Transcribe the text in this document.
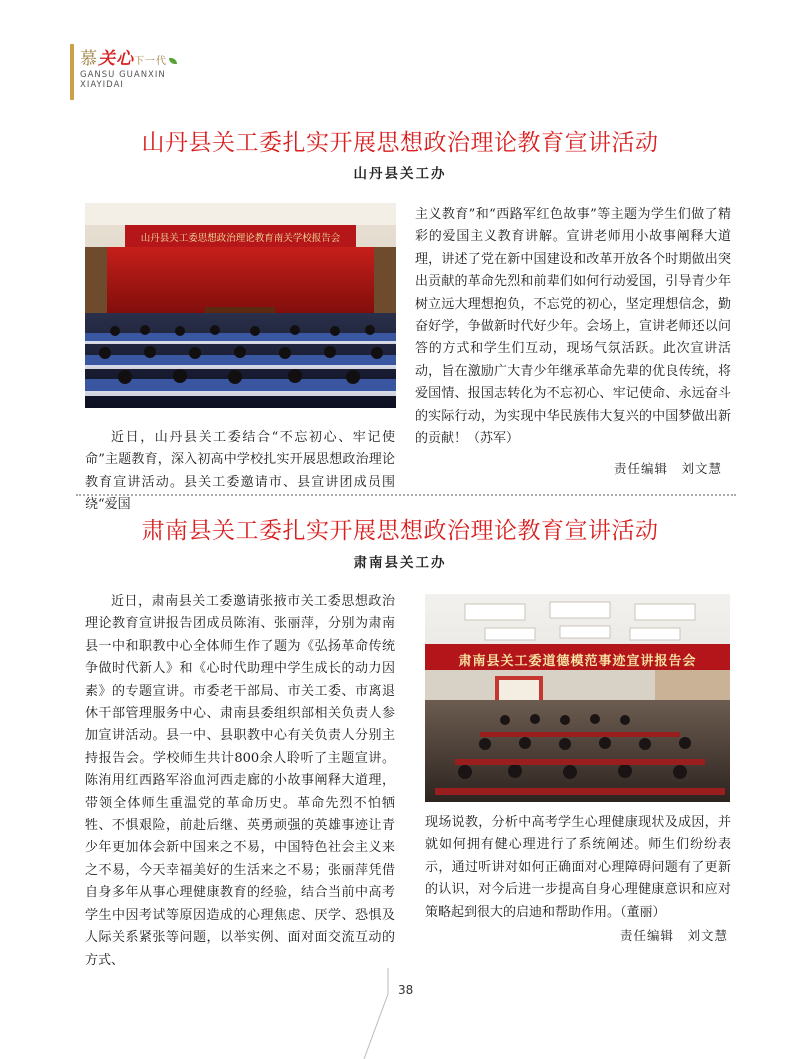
慕关心下一代
GANSU GUANXIN
XIAYIDAI
山丹县关工委扎实开展思想政治理论教育宣讲活动
山丹县关工办
山丹县关工委思想政治理论教育南关学校报告会

近日，山丹县关工委结合“不忘初心、牢记使命”主题教育，深入初高中学校扎实开展思想政治理论教育宣讲活动。县关工委邀请市、县宣讲团成员围绕“爱国

主义教育”和“西路军红色故事”等主题为学生们做了精彩的爱国主义教育讲解。宣讲老师用小故事阐释大道理，讲述了党在新中国建设和改革开放各个时期做出突出贡献的革命先烈和前辈们如何行动爱国，引导青少年树立远大理想抱负，不忘党的初心，坚定理想信念，勤奋好学，争做新时代好少年。会场上，宣讲老师还以问答的方式和学生们互动，现场气氛活跃。此次宣讲活动，旨在激励广大青少年继承革命先辈的优良传统，将爱国情、报国志转化为不忘初心、牢记使命、永远奋斗的实际行动，为实现中华民族伟大复兴的中国梦做出新的贡献！（苏军）

责任编辑　刘文慧
肃南县关工委扎实开展思想政治理论教育宣讲活动
肃南县关工办

近日，肃南县关工委邀请张掖市关工委思想政治理论教育宣讲报告团成员陈洧、张丽萍，分别为肃南县一中和职教中心全体师生作了题为《弘扬革命传统 争做时代新人》和《心时代助理中学生成长的动力因素》的专题宣讲。市委老干部局、市关工委、市离退休干部管理服务中心、肃南县委组织部相关负责人参加宣讲活动。县一中、县职教中心有关负责人分别主持报告会。学校师生共计800余人聆听了主题宣讲。陈洧用红西路军浴血河西走廊的小故事阐释大道理，带领全体师生重温党的革命历史。革命先烈不怕牺牲、不惧艰险，前赴后继、英勇顽强的英雄事迹让青少年更加体会新中国来之不易，中国特色社会主义来之不易，今天幸福美好的生活来之不易；张丽萍凭借自身多年从事心理健康教育的经验，结合当前中高考学生中因考试等原因造成的心理焦虑、厌学、恐惧及人际关系紧张等问题，以举实例、面对面交流互动的方式、

肃南县关工委道德模范事迹宣讲报告会

现场说教，分析中高考学生心理健康现状及成因，并就如何拥有健心理进行了系统阐述。师生们纷纷表示，通过听讲对如何正确面对心理障碍问题有了更新的认识，对今后进一步提高自身心理健康意识和应对策略起到很大的启迪和帮助作用。（董丽）

责任编辑　刘文慧
38
